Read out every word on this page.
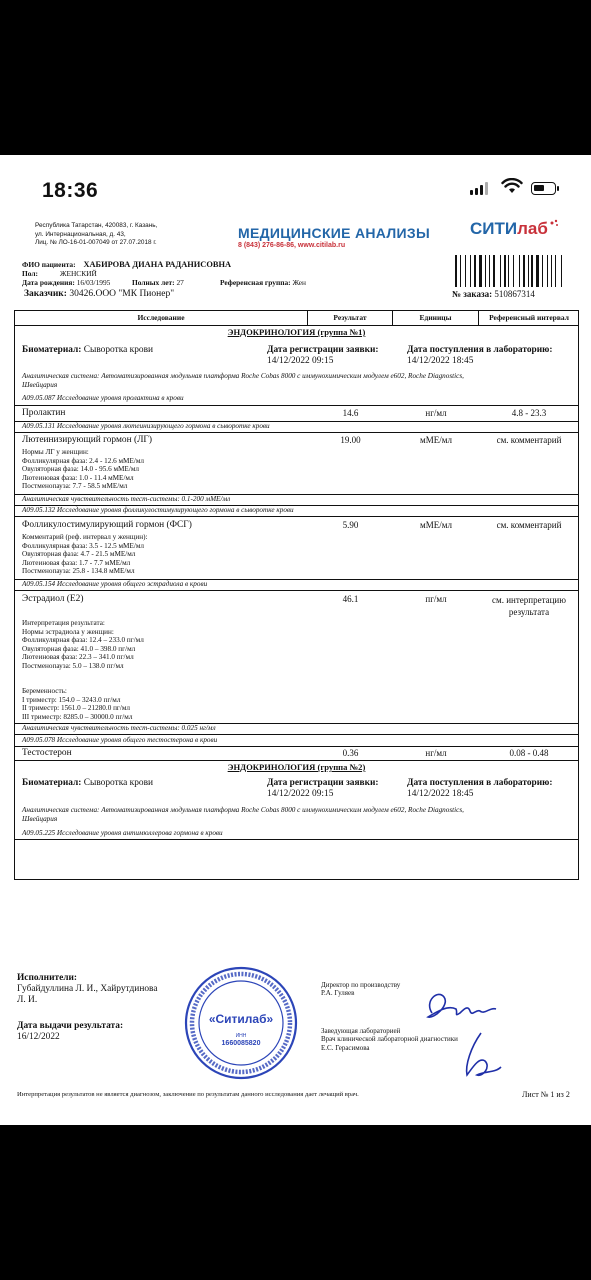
18:36
Республика Татарстан, 420083, г. Казань,
ул. Интернациональная, д. 43,
Лиц. № ЛО-16-01-007049 от 27.07.2018 г.
МЕДИЦИНСКИЕ АНАЛИЗЫ
8 (843) 276-86-86, www.citilab.ru
СИТИлаб
ФИО пациента: ХАБИРОВА ДИАНА РАДАНИСОВНА
Пол:	ЖЕНСКИЙ
Дата рождения: 16/03/1995	Полных лет: 27	Референсная группа: Жен
Заказчик: 30426.ООО "МК Пионер"	№ заказа: 510867314
Исследование	Результат	Единицы	Референсный интервал
ЭНДОКРИНОЛОГИЯ (группа №1)
Биоматериал: Сыворотка крови	Дата регистрации заявки:
14/12/2022 09:15
Дата поступления в лабораторию:
14/12/2022 18:45
Аналитическая система: Автоматизированная модульная платформа Roche Cobas 8000 с иммунохимическим модулем e602, Roche Diagnostics,
Швейцария
А09.05.087 Исследование уровня пролактина в крови
Пролактин	14.6	нг/мл	4.8 - 23.3
А09.05.131 Исследование уровня лютеинизирующего гормона в сыворотке крови
Лютеинизирующий гормон (ЛГ)	19.00	мМЕ/мл	см. комментарий
Нормы ЛГ у женщин:
Фолликулярная фаза: 2.4 - 12.6 мМЕ/мл
Овуляторная фаза: 14.0 - 95.6 мМЕ/мл
Лютеиновая фаза: 1.0 - 11.4 мМЕ/мл
Постменопауза: 7.7 - 58.5 мМЕ/мл
Аналитическая чувствительность тест-системы: 0.1-200 мМЕ/мл
А09.05.132 Исследование уровня фолликулостимулирующего гормона в сыворотке крови
Фолликулостимулирующий гормон (ФСГ)	5.90	мМЕ/мл	см. комментарий
Комментарий (реф. интервал у женщин):
Фолликулярная фаза: 3.5 - 12.5 мМЕ/мл
Овуляторная фаза: 4.7 - 21.5 мМЕ/мл
Лютеиновая фаза: 1.7 - 7.7 мМЕ/мл
Постменопауза: 25.8 - 134.8 мМЕ/мл
А09.05.154 Исследование уровня общего эстрадиола в крови
Эстрадиол (Е2)	46.1	пг/мл	см. интерпретацию
результата
Интерпретация результата:
Нормы эстрадиола у женщин:
Фолликулярная фаза: 12.4 – 233.0 пг/мл
Овуляторная фаза: 41.0 – 398.0 пг/мл
Лютеиновая фаза: 22.3 – 341.0 пг/мл
Постменопауза: 5.0 – 138.0 пг/мл
Беременность:
I триместр: 154.0 – 3243.0 пг/мл
II триместр: 1561.0 – 21280.0 пг/мл
III триместр: 8285.0 – 30000.0 пг/мл
Аналитическая чувствительность тест-системы: 0.025 нг/мл
А09.05.078 Исследование уровня общего тестостерона в крови
Тестостерон	0.36	нг/мл	0.08 - 0.48
ЭНДОКРИНОЛОГИЯ (группа №2)
Биоматериал: Сыворотка крови	Дата регистрации заявки:
14/12/2022 09:15
Дата поступления в лабораторию:
14/12/2022 18:45
Аналитическая система: Автоматизированная модульная платформа Roche Cobas 8000 с иммунохимическим модулем e602, Roche Diagnostics,
Швейцария
А09.05.225 Исследование уровня антимюллерова гормона в крови
Исполнители:
Губайдуллина Л. И., Хайрутдинова
Л. И.
Дата выдачи результата:
16/12/2022
«Ситилаб»
ИНН
1660085820
Директор по производству
Р.А. Гуляев
Заведующая лабораторией
Врач клинической лабораторной диагностики
Е.С. Герасимова
Интерпретация результатов не является диагнозом, заключение по результатам данного исследования дает лечащий врач.	Лист № 1 из 2
